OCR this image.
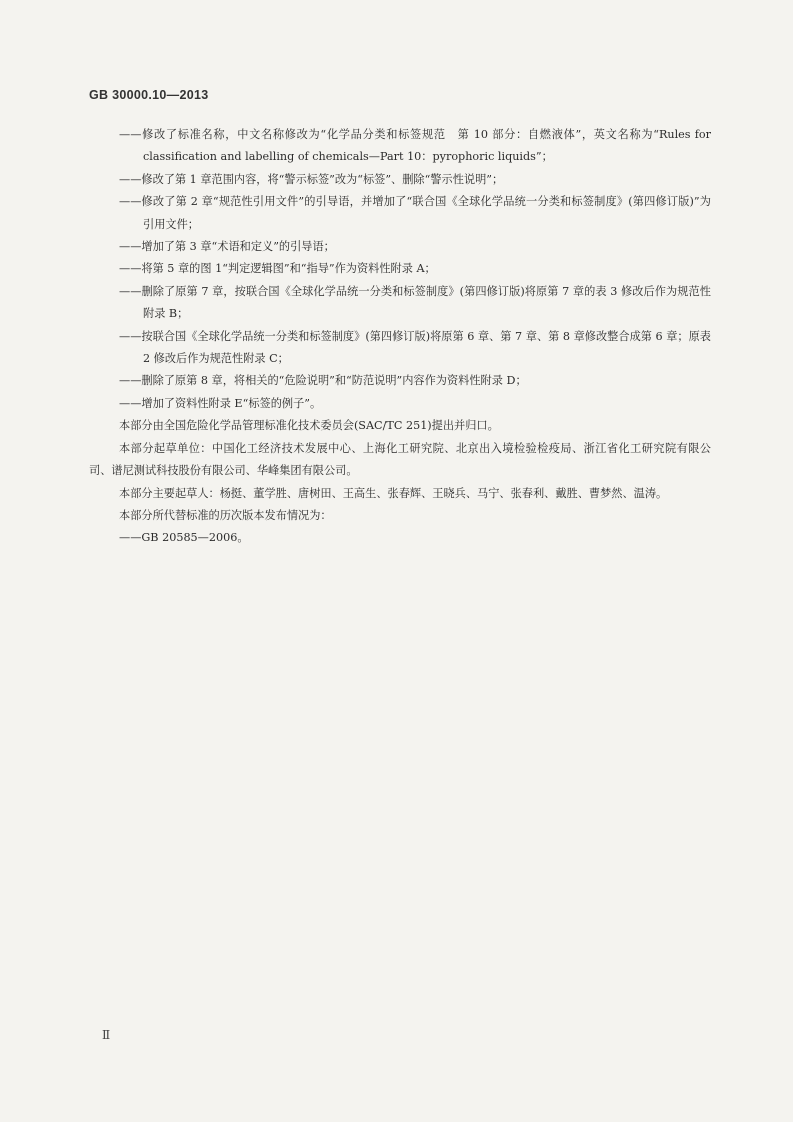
GB 30000.10—2013
——修改了标准名称，中文名称修改为“化学品分类和标签规范　第 10 部分：自燃液体”，英文名称为“Rules for classification and labelling of chemicals—Part 10：pyrophoric liquids”；
——修改了第 1 章范围内容，将“警示标签”改为“标签”、删除“警示性说明”；
——修改了第 2 章“规范性引用文件”的引导语，并增加了“联合国《全球化学品统一分类和标签制度》(第四修订版)”为引用文件；
——增加了第 3 章“术语和定义”的引导语；
——将第 5 章的图 1“判定逻辑图”和“指导”作为资料性附录 A；
——删除了原第 7 章，按联合国《全球化学品统一分类和标签制度》(第四修订版)将原第 7 章的表 3 修改后作为规范性附录 B；
——按联合国《全球化学品统一分类和标签制度》(第四修订版)将原第 6 章、第 7 章、第 8 章修改整合成第 6 章；原表 2 修改后作为规范性附录 C；
——删除了原第 8 章，将相关的“危险说明”和“防范说明”内容作为资料性附录 D；
——增加了资料性附录 E“标签的例子”。
本部分由全国危险化学品管理标准化技术委员会(SAC/TC 251)提出并归口。
本部分起草单位：中国化工经济技术发展中心、上海化工研究院、北京出入境检验检疫局、浙江省化工研究院有限公司、谱尼测试科技股份有限公司、华峰集团有限公司。
本部分主要起草人：杨挺、董学胜、唐树田、王高生、张春辉、王晓兵、马宁、张春利、戴胜、曹梦然、温涛。
本部分所代替标准的历次版本发布情况为：
——GB 20585—2006。
Ⅱ
